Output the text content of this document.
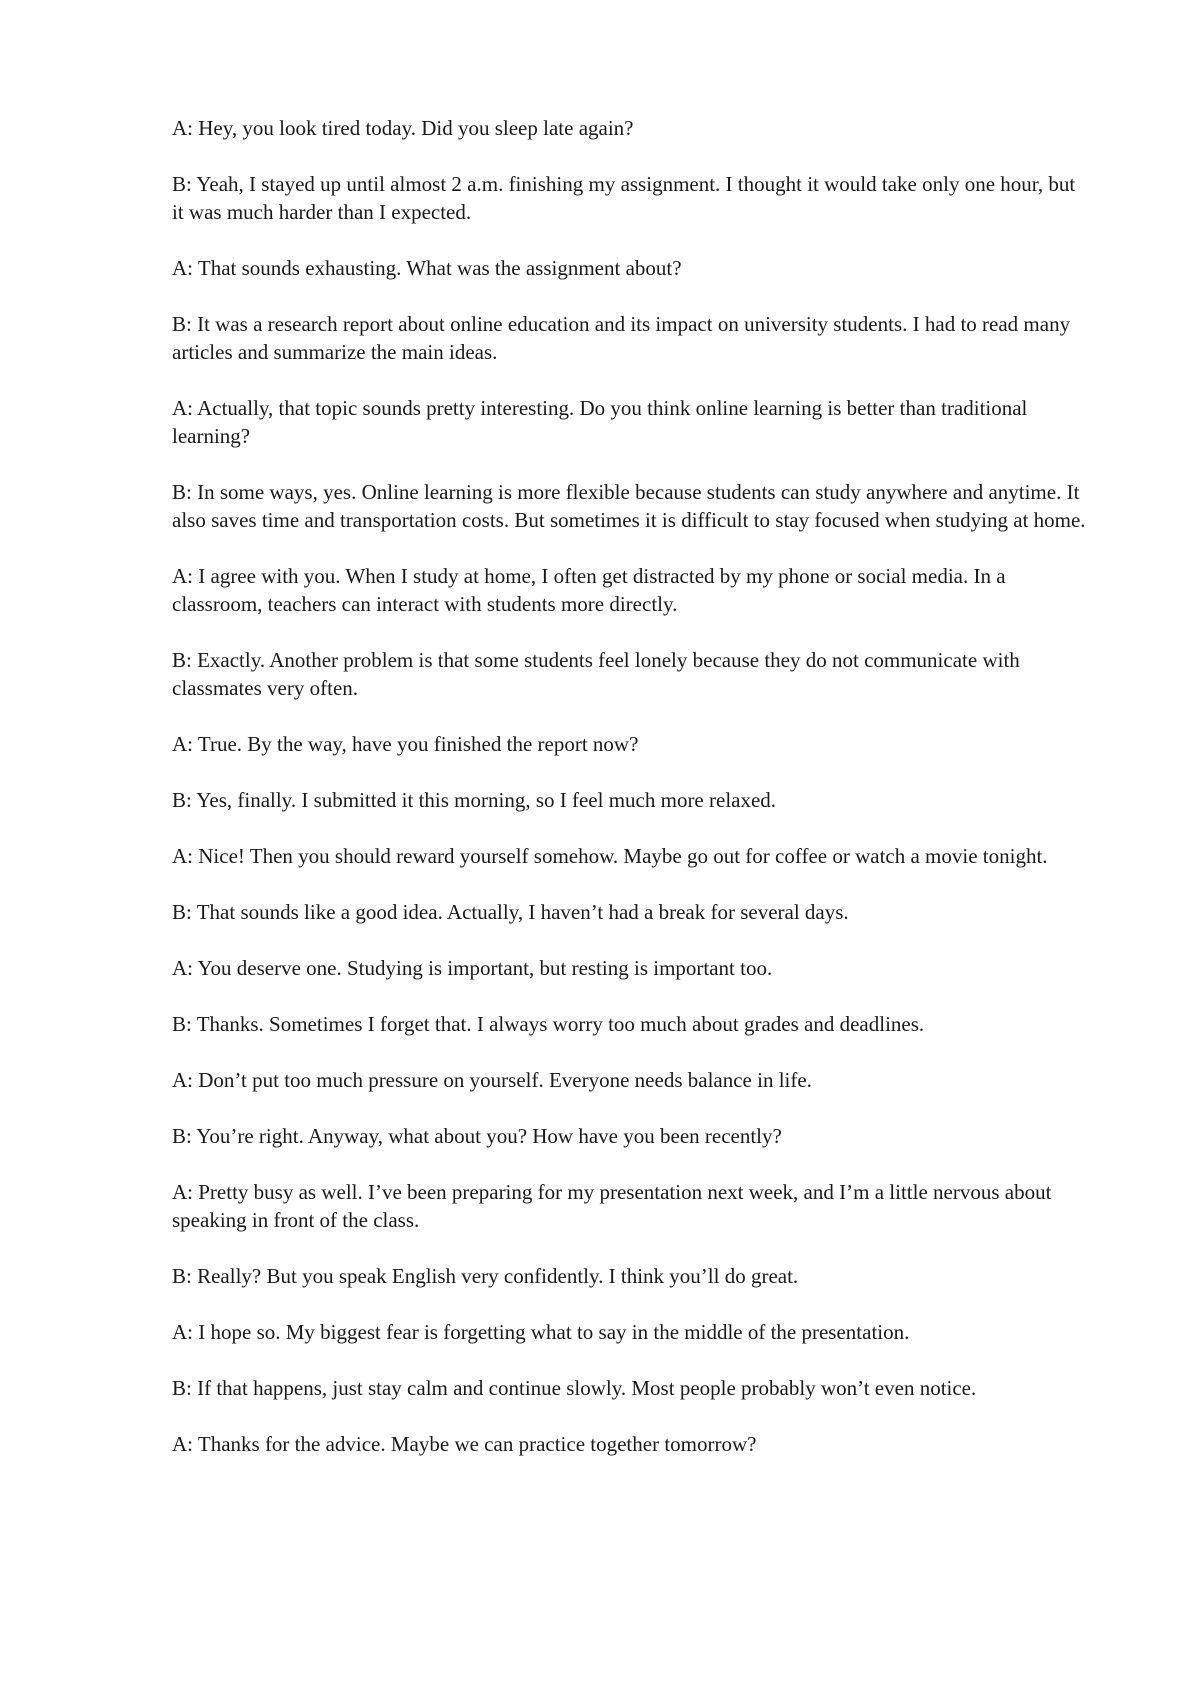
A: Hey, you look tired today. Did you sleep late again?

B: Yeah, I stayed up until almost 2 a.m. finishing my assignment. I thought it would take only one hour, but it was much harder than I expected.

A: That sounds exhausting. What was the assignment about?

B: It was a research report about online education and its impact on university students. I had to read many articles and summarize the main ideas.

A: Actually, that topic sounds pretty interesting. Do you think online learning is better than traditional learning?

B: In some ways, yes. Online learning is more flexible because students can study anywhere and anytime. It also saves time and transportation costs. But sometimes it is difficult to stay focused when studying at home.

A: I agree with you. When I study at home, I often get distracted by my phone or social media. In a classroom, teachers can interact with students more directly.

B: Exactly. Another problem is that some students feel lonely because they do not communicate with classmates very often.

A: True. By the way, have you finished the report now?

B: Yes, finally. I submitted it this morning, so I feel much more relaxed.

A: Nice! Then you should reward yourself somehow. Maybe go out for coffee or watch a movie tonight.

B: That sounds like a good idea. Actually, I haven’t had a break for several days.

A: You deserve one. Studying is important, but resting is important too.

B: Thanks. Sometimes I forget that. I always worry too much about grades and deadlines.

A: Don’t put too much pressure on yourself. Everyone needs balance in life.

B: You’re right. Anyway, what about you? How have you been recently?

A: Pretty busy as well. I’ve been preparing for my presentation next week, and I’m a little nervous about speaking in front of the class.

B: Really? But you speak English very confidently. I think you’ll do great.

A: I hope so. My biggest fear is forgetting what to say in the middle of the presentation.

B: If that happens, just stay calm and continue slowly. Most people probably won’t even notice.

A: Thanks for the advice. Maybe we can practice together tomorrow?
